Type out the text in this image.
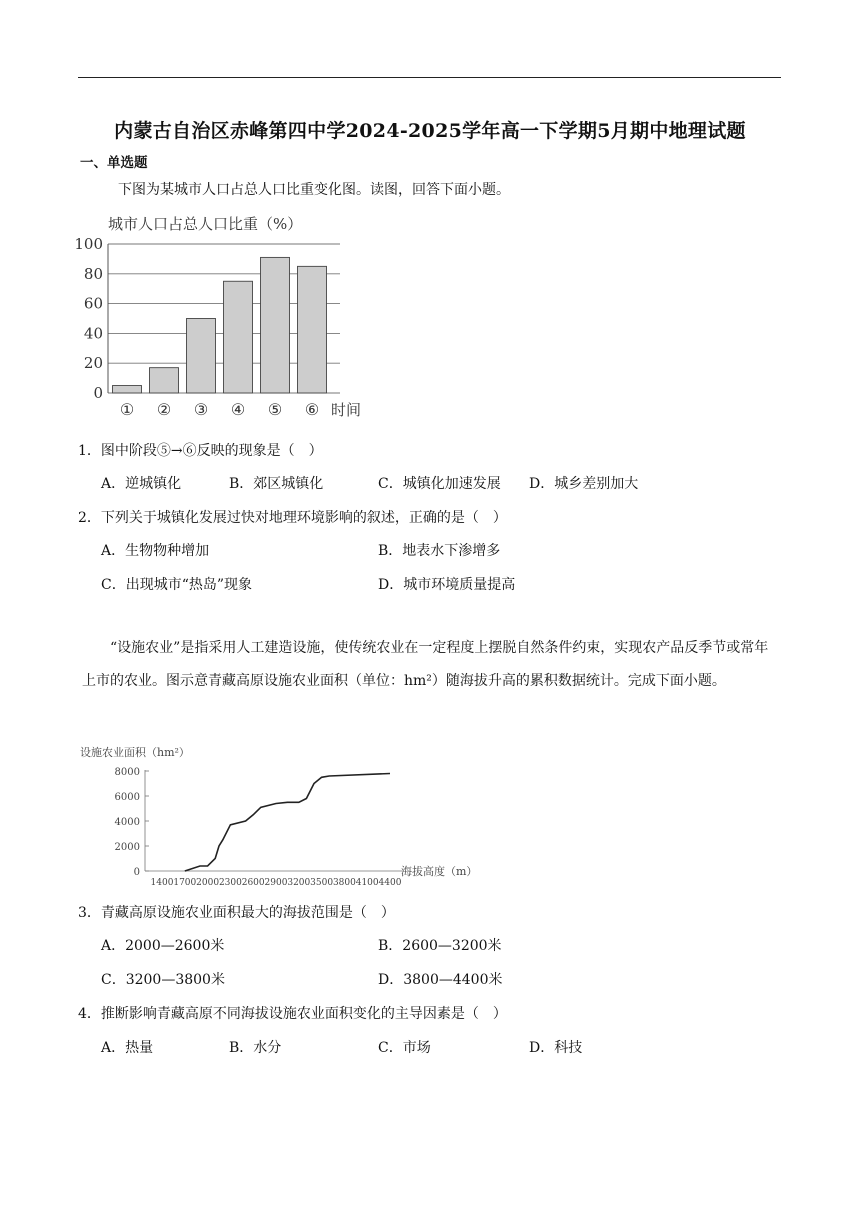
内蒙古自治区赤峰第四中学2024-2025学年高一下学期5月期中地理试题
一、单选题
下图为某城市人口占总人口比重变化图。读图，回答下面小题。
城市人口占总人口比重（%）
100
80
60
40
20
0
① ② ③ ④ ⑤ ⑥ 时间
1．图中阶段⑤→⑥反映的现象是（　）
A．逆城镇化	B．郊区城镇化	C．城镇化加速发展 D．城乡差别加大
2．下列关于城镇化发展过快对地理环境影响的叙述，正确的是（　）
A．生物物种增加	B．地表水下渗增多
C．出现城市“热岛”现象	D．城市环境质量提高
“设施农业”是指采用人工建造设施，使传统农业在一定程度上摆脱自然条件约束，实现农产品反季节或常年上市的农业。图示意青藏高原设施农业面积（单位：hm²）随海拔升高的累积数据统计。完成下面小题。
设施农业面积（hm²）
8000
6000
4000
2000
0
1400 1700 2000 2300 2600 2900 3200 3500 3800 4100 4400
海拔高度（m）
3．青藏高原设施农业面积最大的海拔范围是（　）
A．2000—2600米	B．2600—3200米
C．3200—3800米	D．3800—4400米
4．推断影响青藏高原不同海拔设施农业面积变化的主导因素是（　）
A．热量	B．水分	C．市场	D．科技
